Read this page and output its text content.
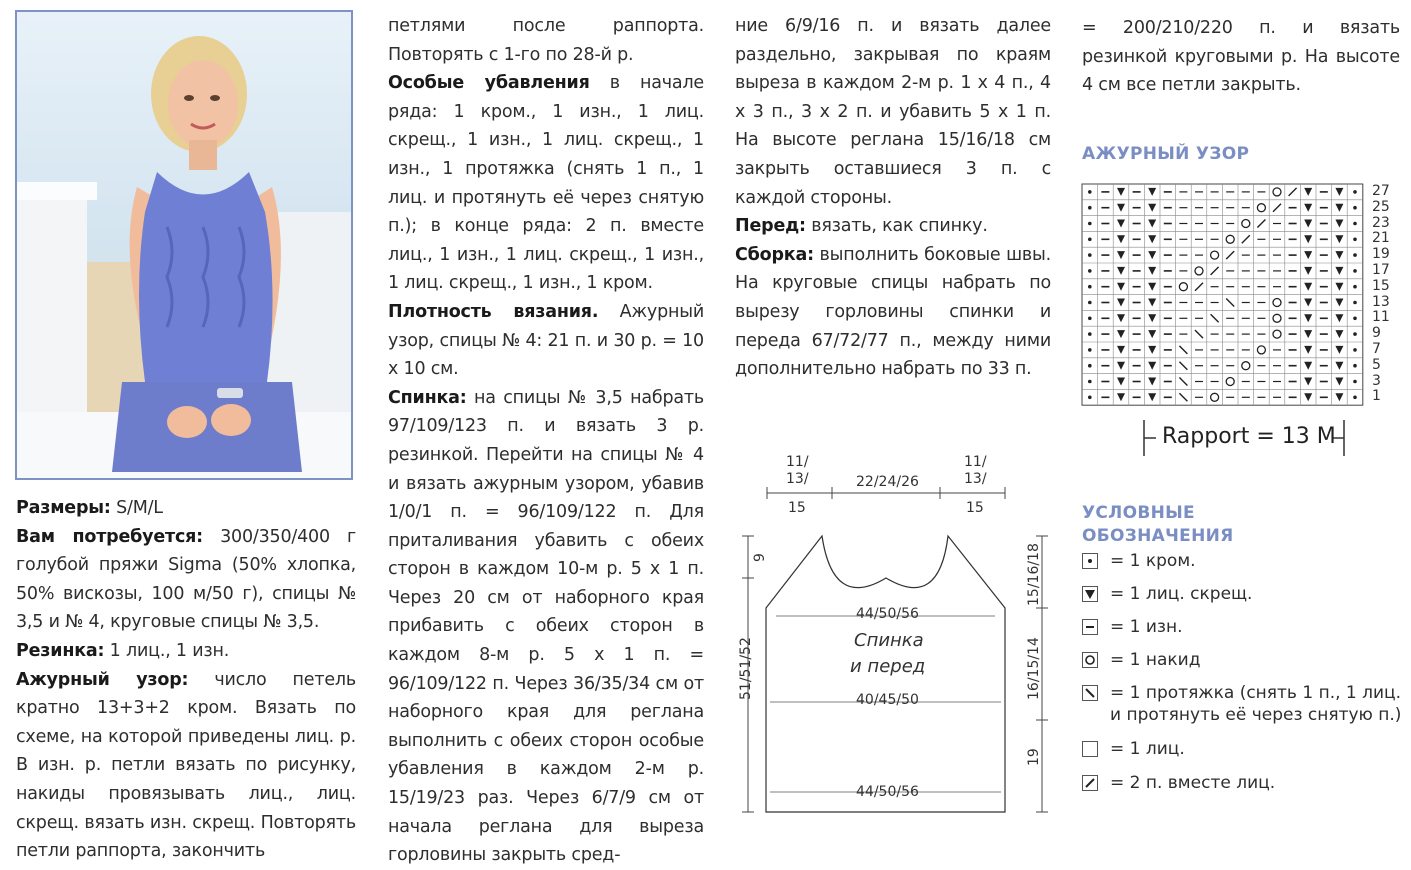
Размеры: S/M/L

Вам потребуется: 300/350/400 г голубой пряжи Sigma (50% хлопка, 50% вискозы, 100 м/50 г), спицы № 3,5 и № 4, круговые спицы № 3,5.

Резинка: 1 лиц., 1 изн.

Ажурный узор: число петель кратно 13+3+2 кром. Вязать по схеме, на которой приведены лиц. р. В изн. р. петли вязать по рисунку, накиды провязывать лиц., лиц. скрещ. вязать изн. скрещ. Повторять петли раппорта, закончить

петлями после раппорта. Повторять с 1-го по 28-й р.

Особые убавления в начале ряда: 1 кром., 1 изн., 1 лиц. скрещ., 1 изн., 1 лиц. скрещ., 1 изн., 1 протяжка (снять 1 п., 1 лиц. и протянуть её через снятую п.); в конце ряда: 2 п. вместе лиц., 1 изн., 1 лиц. скрещ., 1 изн., 1 лиц. скрещ., 1 изн., 1 кром.

Плотность вязания. Ажурный узор, спицы № 4: 21 п. и 30 р. = 10 х 10 см.

Спинка: на спицы № 3,5 набрать 97/109/123 п. и вязать 3 р. резинкой. Перейти на спицы № 4 и вязать ажурным узором, убавив 1/0/1 п. = 96/109/122 п. Для приталивания убавить с обеих сторон в каждом 10-м р. 5 х 1 п. Через 20 см от наборного края прибавить с обеих сторон в каждом 8-м р. 5 х 1 п. = 96/109/122 п. Через 36/35/34 см от наборного края для реглана выполнить с обеих сторон особые убавления в каждом 2-м р. 15/19/23 раз. Через 6/7/9 см от начала реглана для выреза горловины закрыть сред-

ние 6/9/16 п. и вязать далее раздельно, закрывая по краям выреза в каждом 2-м р. 1 х 4 п., 4 х 3 п., 3 х 2 п. и убавить 5 х 1 п. На высоте реглана 15/16/18 см закрыть оставшиеся 3 п. с каждой стороны.

Перед: вязать, как спинку.

Сборка: выполнить боковые швы. На круговые спицы набрать по вырезу горловины спинки и переда 67/72/77 п., между ними дополнительно набрать по 33 п.

= 200/210/220 п. и вязать резинкой круговыми р. На высоте 4 см все петли закрыть.

АЖУРНЫЙ УЗОР
27
25
23
21
19
17
15
13
11
9
7
5
3
1
Rapport = 13 M
УСЛОВНЫЕ
ОБОЗНАЧЕНИЯ
= 1 кром.
= 1 лиц. скрещ.
= 1 изн.
= 1 накид
= 1 протяжка (снять 1 п., 1 лиц. и протянуть её через снятую п.)
= 1 лиц.
= 2 п. вместе лиц.
11/
13/
15
22/24/26
11/
13/
15
9
44/50/56
Спинка
и перед
40/45/50
44/50/56
51/51/52
15/16/18
16/15/14
19
